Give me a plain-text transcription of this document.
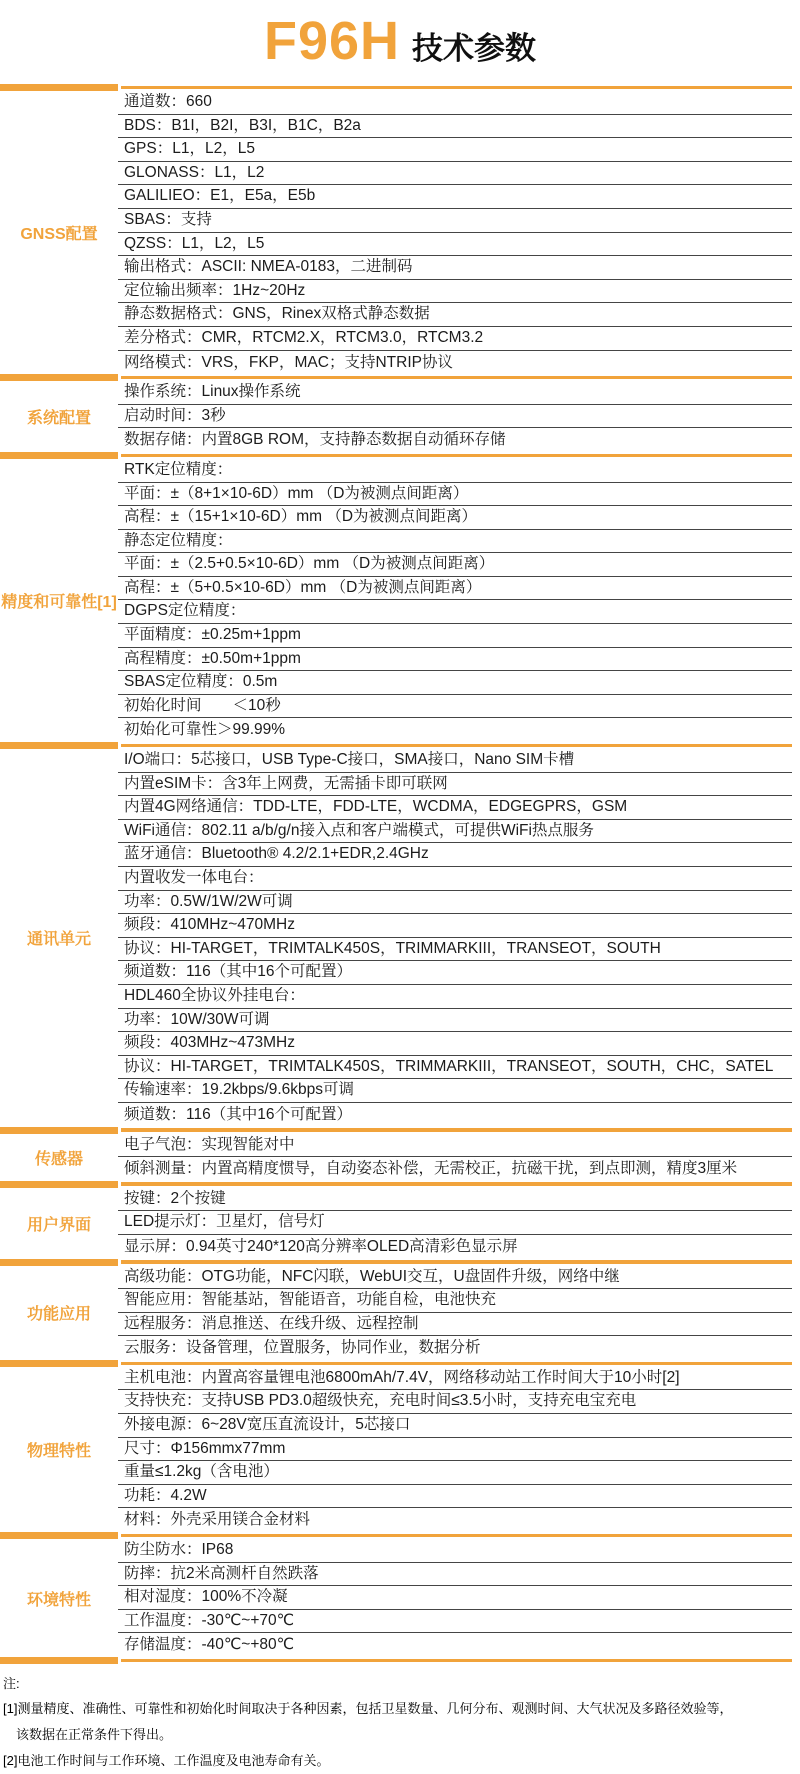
F96H 技术参数
GNSS配置
通道数：660
BDS：B1I，B2I，B3I，B1C，B2a
GPS：L1，L2，L5
GLONASS：L1，L2
GALILIEO：E1，E5a，E5b
SBAS：支持
QZSS：L1，L2，L5
输出格式：ASCII: NMEA-0183，二进制码
定位输出频率：1Hz~20Hz
静态数据格式：GNS，Rinex双格式静态数据
差分格式：CMR，RTCM2.X，RTCM3.0，RTCM3.2
网络模式：VRS，FKP，MAC；支持NTRIP协议
系统配置
操作系统：Linux操作系统
启动时间：3秒
数据存储：内置8GB ROM，支持静态数据自动循环存储
精度和可靠性[1]
RTK定位精度：
平面：±（8+1×10-6D）mm （D为被测点间距离）
高程：±（15+1×10-6D）mm （D为被测点间距离）
静态定位精度：
平面：±（2.5+0.5×10-6D）mm （D为被测点间距离）
高程：±（5+0.5×10-6D）mm （D为被测点间距离）
DGPS定位精度：
平面精度：±0.25m+1ppm
高程精度：±0.50m+1ppm
SBAS定位精度：0.5m
初始化时间　　＜10秒
初始化可靠性＞99.99%
通讯单元
I/O端口：5芯接口，USB Type-C接口，SMA接口，Nano SIM卡槽
内置eSIM卡：含3年上网费，无需插卡即可联网
内置4G网络通信：TDD-LTE，FDD-LTE，WCDMA，EDGEGPRS，GSM
WiFi通信：802.11 a/b/g/n接入点和客户端模式，可提供WiFi热点服务
蓝牙通信：Bluetooth® 4.2/2.1+EDR,2.4GHz
内置收发一体电台：
功率：0.5W/1W/2W可调
频段：410MHz~470MHz
协议：HI-TARGET，TRIMTALK450S，TRIMMARKIII，TRANSEOT，SOUTH
频道数：116（其中16个可配置）
HDL460全协议外挂电台：
功率：10W/30W可调
频段：403MHz~473MHz
协议：HI-TARGET，TRIMTALK450S，TRIMMARKIII，TRANSEOT，SOUTH，CHC，SATEL
传输速率：19.2kbps/9.6kbps可调
频道数：116（其中16个可配置）
传感器
电子气泡：实现智能对中
倾斜测量：内置高精度惯导，自动姿态补偿，无需校正，抗磁干扰，到点即测，精度3厘米
用户界面
按键：2个按键
LED提示灯：卫星灯，信号灯
显示屏：0.94英寸240*120高分辨率OLED高清彩色显示屏
功能应用
高级功能：OTG功能，NFC闪联，WebUI交互，U盘固件升级，网络中继
智能应用：智能基站，智能语音，功能自检，电池快充
远程服务：消息推送、在线升级、远程控制
云服务：设备管理，位置服务，协同作业，数据分析
物理特性
主机电池：内置高容量锂电池6800mAh/7.4V，网络移动站工作时间大于10小时[2]
支持快充：支持USB PD3.0超级快充，充电时间≤3.5小时，支持充电宝充电
外接电源：6~28V宽压直流设计，5芯接口
尺寸：Φ156mmx77mm
重量≤1.2kg（含电池）
功耗：4.2W
材料：外壳采用镁合金材料
环境特性
防尘防水：IP68
防摔：抗2米高测杆自然跌落
相对湿度：100%不冷凝
工作温度：-30℃~+70℃
存储温度：-40℃~+80℃
注:
[1]测量精度、准确性、可靠性和初始化时间取决于各种因素，包括卫星数量、几何分布、观测时间、大气状况及多路径效验等，
　该数据在正常条件下得出。
[2]电池工作时间与工作环境、工作温度及电池寿命有关。
